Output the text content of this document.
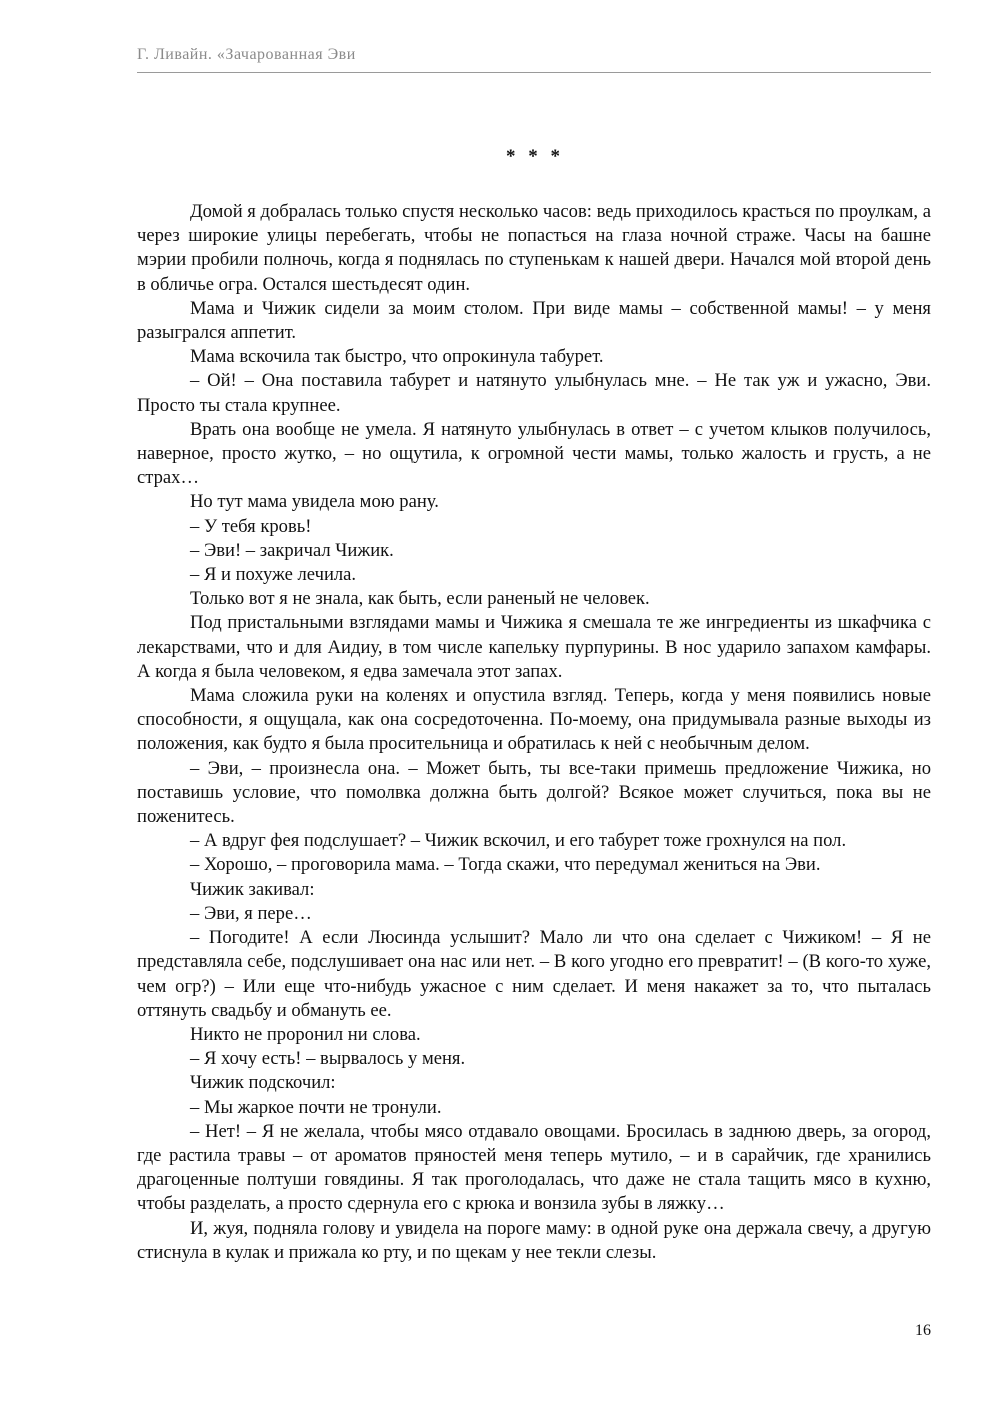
Г. Ливайн. «Зачарованная Эви
* * *

Домой я добралась только спустя несколько часов: ведь приходилось красться по проулкам, а через широкие улицы перебегать, чтобы не попасться на глаза ночной страже. Часы на башне мэрии пробили полночь, когда я поднялась по ступенькам к нашей двери. Начался мой второй день в обличье огра. Остался шестьдесят один.

Мама и Чижик сидели за моим столом. При виде мамы – собственной мамы! – у меня разыгрался аппетит.

Мама вскочила так быстро, что опрокинула табурет.

– Ой! – Она поставила табурет и натянуто улыбнулась мне. – Не так уж и ужасно, Эви. Просто ты стала крупнее.

Врать она вообще не умела. Я натянуто улыбнулась в ответ – с учетом клыков получилось, наверное, просто жутко, – но ощутила, к огромной чести мамы, только жалость и грусть, а не страх…

Но тут мама увидела мою рану.

– У тебя кровь!

– Эви! – закричал Чижик.

– Я и похуже лечила.

Только вот я не знала, как быть, если раненый не человек.

Под пристальными взглядами мамы и Чижика я смешала те же ингредиенты из шкафчика с лекарствами, что и для Аидиу, в том числе капельку пурпурины. В нос ударило запахом камфары. А когда я была человеком, я едва замечала этот запах.

Мама сложила руки на коленях и опустила взгляд. Теперь, когда у меня появились новые способности, я ощущала, как она сосредоточенна. По-моему, она придумывала разные выходы из положения, как будто я была просительница и обратилась к ней с необычным делом.

– Эви, – произнесла она. – Может быть, ты все-таки примешь предложение Чижика, но поставишь условие, что помолвка должна быть долгой? Всякое может случиться, пока вы не поженитесь.

– А вдруг фея подслушает? – Чижик вскочил, и его табурет тоже грохнулся на пол.

– Хорошо, – проговорила мама. – Тогда скажи, что передумал жениться на Эви.

Чижик закивал:

– Эви, я пере…

– Погодите! А если Люсинда услышит? Мало ли что она сделает с Чижиком! – Я не представляла себе, подслушивает она нас или нет. – В кого угодно его превратит! – (В кого-то хуже, чем огр?) – Или еще что-нибудь ужасное с ним сделает. И меня накажет за то, что пыталась оттянуть свадьбу и обмануть ее.

Никто не проронил ни слова.

– Я хочу есть! – вырвалось у меня.

Чижик подскочил:

– Мы жаркое почти не тронули.

– Нет! – Я не желала, чтобы мясо отдавало овощами. Бросилась в заднюю дверь, за огород, где растила травы – от ароматов пряностей меня теперь мутило, – и в сарайчик, где хранились драгоценные полтуши говядины. Я так проголодалась, что даже не стала тащить мясо в кухню, чтобы разделать, а просто сдернула его с крюка и вонзила зубы в ляжку…

И, жуя, подняла голову и увидела на пороге маму: в одной руке она держала свечу, а другую стиснула в кулак и прижала ко рту, и по щекам у нее текли слезы.

16
